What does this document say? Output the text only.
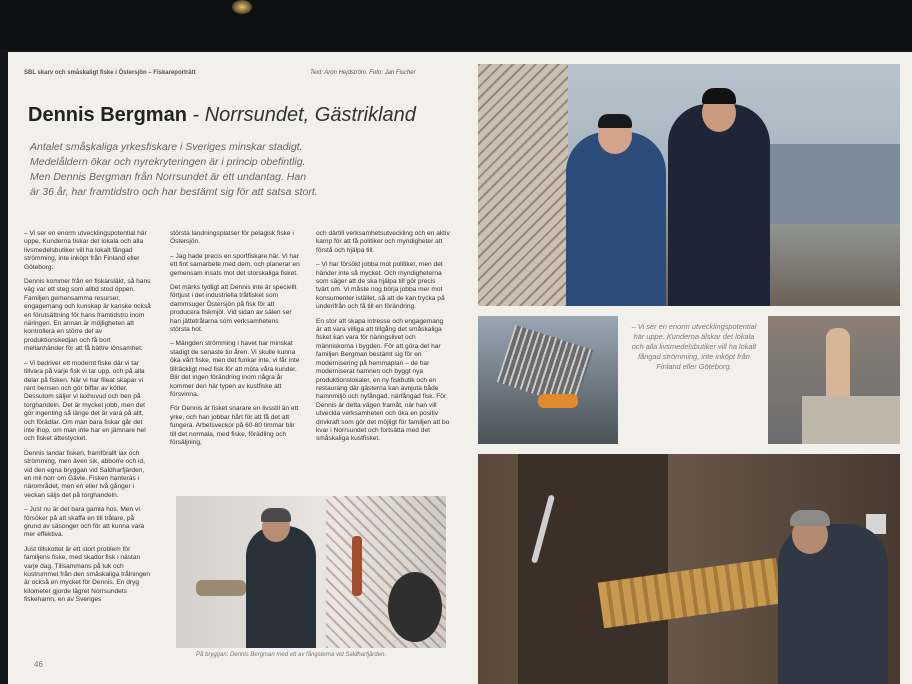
SBL skarv och småskaligt fiske i Östersjön – Fiskareporträtt	Text: Aron Hejdström. Foto: Jan Fischer
Dennis Bergman - Norrsundet, Gästrikland

Antalet småskaliga yrkesfiskare i Sveriges minskar stadigt.
Medelåldern ökar och nyrekryteringen är i princip obefintlig.
Men Dennis Bergman från Norrsundet är ett undantag. Han
är 36 år, har framtidstro och har bestämt sig för att satsa stort.

– Vi ser en enorm utvecklingspotential här uppe. Kunderna tiskar det lokala och alla livsmedelsbutiker vill ha lokalt fångad strömming, inte inköpt från Finland eller Göteborg.

Dennis kommer från en fiskarsläkt, så hans väg var ett steg som alltid stod öppen. Familjen gemensamma resurser, engagemang och kunskap är kanske också en förutsättning för hans framtidstro inom näringen. En annan är möjligheten att kontrollera en större del av produktionskedjan och få bort mellanhänder för att få bättre lönsamhet.

– Vi bedriver ett modernt fiske där vi tar tillvara på varje fisk vi tar upp, och på alla delar på fisken. När vi har fileat skapar vi rent bensen och gör biffar av kötter. Dessutom säljer vi laxhuvud och ben på torghandeln. Det är mycket jobb, men det gör ingenting så länge det är vara på allt, och förädlar. Om man bara fiskar går det inte ihop, om man inte har en jämnare hel och fisket ättestycket.

Dennis landar fisken, framförallt lax och strömming, men även sik, abborre och id, vid den egna bryggan vid Saldharfjärden, en mil norr om Gävle. Fisken hanteras i närområdet, men en eller två gånger i veckan säljs det på torghandeln.

– Just nu är det bara gamla hos. Men vi försöker på att skaffa en till trålare, på grund av säsonger och för att kunna vara mer effektiva.

Just tillskottet är ett stort problem för familjens fiske, med skador fisk i nästan varje dag. Tillsammans på tuk och kustrummet från den småskaliga trålningen är också en mycket för Dennis. En dryg kilometer gjorde lägret Norrsundets fiskehamn, en av Sveriges

största landningsplatser för pelagisk fiske i Östersjön.

– Jag hade precis en sportfiskare här. Vi har ett fint samarbete med dem, och planerar en gemensam insats mot det storskaliga fisket.

Det märks tydligt att Dennis inte är speciellt förtjust i det industriella trålfisket som dammsuger Östersjön på fisk för att producera fiskmjöl. Vid sidan av sälen ser han jättetrålarna som verksamhetens största hot.

– Mängden strömming i havet har minskat stadigt de senaste tio åren. Vi skulle kunna öka vårt fiske, men det funkar inte, vi får inte tillräckligt med fisk för att möta våra kunder. Blir det ingen förändring inom några år kommer den här typen av kustfiske att försvinna.

För Dennis är fisket snarare en livsstil än ett yrke, och han jobbar hårt för att få det att fungera. Arbetsveckor på 60-80 timmar blir till det normala, med fiske, förädling och försäljning,

och därtill verksamhetsutveckling och en aktiv kamp för att få politiker och myndigheter att förstå och hjälpa till.

– Vi har försökt jobba mot politiker, men det händer inte så mycket. Och myndigheterna som säger att de ska hjälpa till gör precis tvärt om. Vi måste nog börja jobba mer mot konsumenter istället, så att de kan trycka på underifrån och få till en förändring.

En stor att skapa intresse och engagemang är att vara villiga att tillgång det småskaliga fisket kan vara för näringslivet och människorna i bygden. För att göra det har familjen Bergman bestämt sig för en modernisering på hemmaplan – de har moderniserat hamnen och byggt nya produktionslokaler, en ny fiskbutik och en restaurang där gästerna kan avnjuta både hamnmiljö och nyfångad, närfångad fisk. För Dennis är detta vägen framåt, när han vill utveckla verksamheten och öka en positiv drivkraft som gör det möjligt för familjen att bo kvar i Norrsundet och fortsätta med det småskaliga kustfisket.

På bryggan: Dennis Bergman med ett av fångsterna vid Saldharfjärden.
46

– Vi ser en enorm utvecklingspotential här uppe. Kunderna älskar det lokala och alla livsmedelsbutiker vill ha lokalt fångad strömming, inte inköpt från Finland eller Göteborg.
